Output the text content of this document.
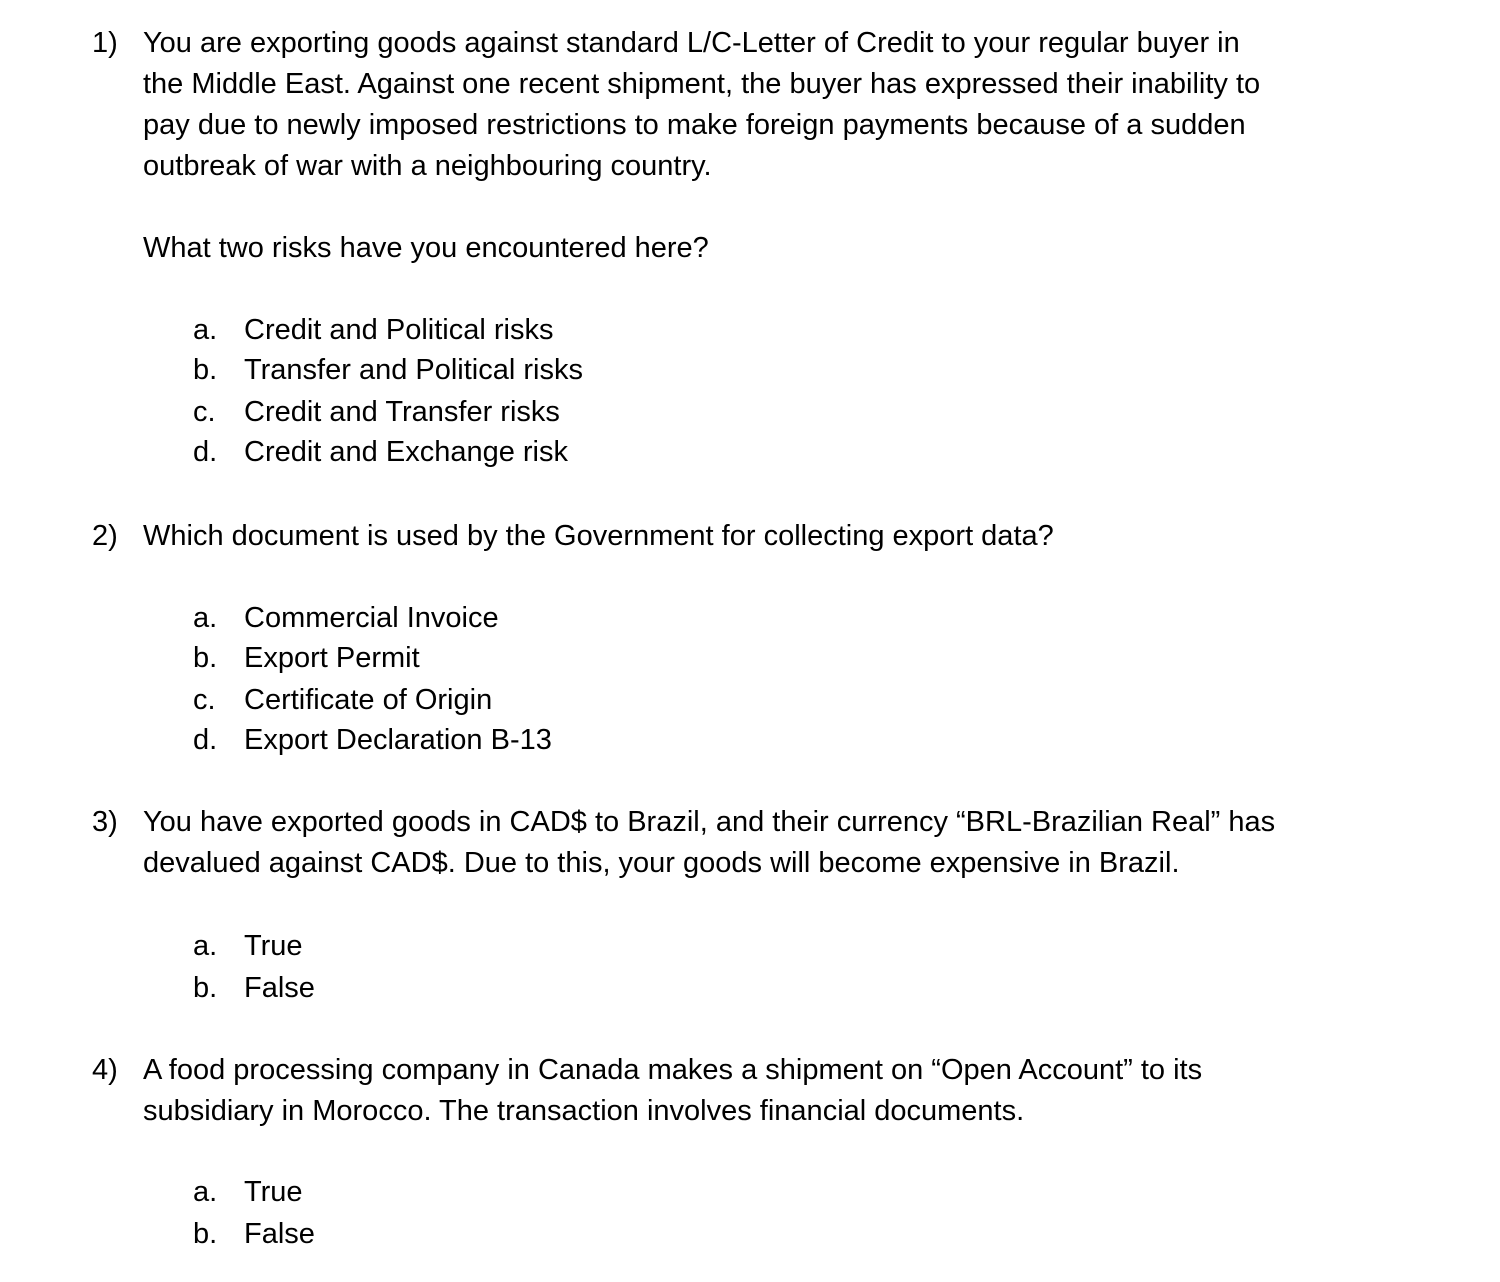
1) You are exporting goods against standard L/C-Letter of Credit to your regular buyer in

the Middle East. Against one recent shipment, the buyer has expressed their inability to

pay due to newly imposed restrictions to make foreign payments because of a sudden

outbreak of war with a neighbouring country.

What two risks have you encountered here?
a. Credit and Political risks
b. Transfer and Political risks
c. Credit and Transfer risks
d. Credit and Exchange risk
2) Which document is used by the Government for collecting export data?

a. Commercial Invoice
b. Export Permit
c. Certificate of Origin
d. Export Declaration B-13
3) You have exported goods in CAD$ to Brazil, and their currency “BRL-Brazilian Real” has

devalued against CAD$. Due to this, your goods will become expensive in Brazil.

a. True
b. False
4) A food processing company in Canada makes a shipment on “Open Account” to its

subsidiary in Morocco. The transaction involves financial documents.

a. True
b. False
